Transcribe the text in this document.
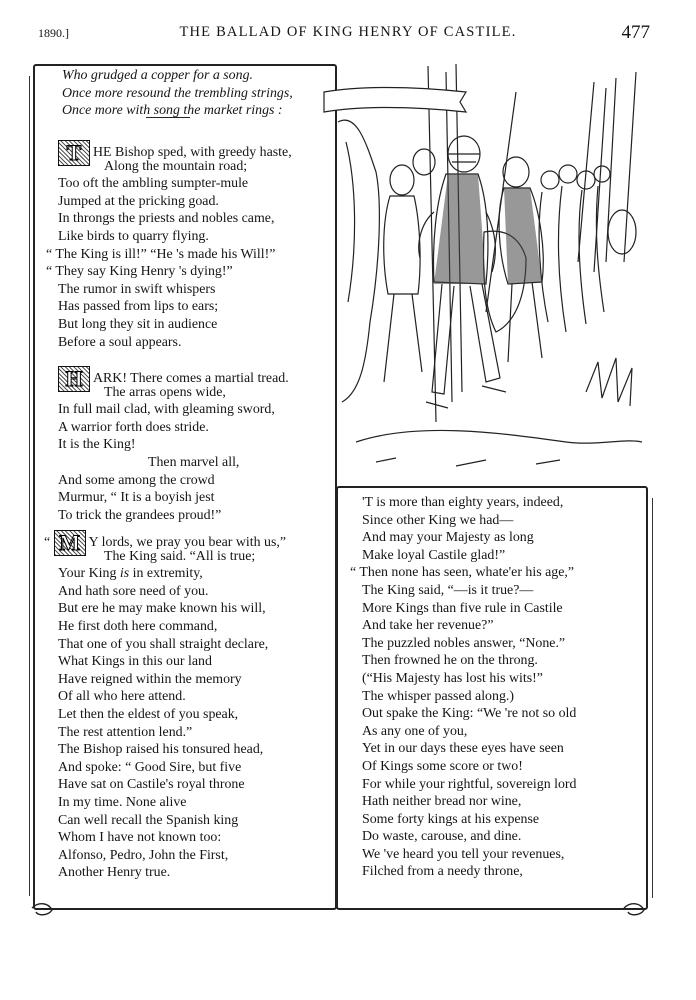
1890.]	THE BALLAD OF KING HENRY OF CASTILE.	477
Who grudged a copper for a song.
Once more resound the trembling strings,
Once more with song the market rings :
THE Bishop sped, with greedy haste,
Along the mountain road;
Too oft the ambling sumpter-mule
Jumped at the pricking goad.
In throngs the priests and nobles came,
Like birds to quarry flying.
“ The King is ill!” “He 's made his Will!”
“ They say King Henry 's dying!”
The rumor in swift whispers
Has passed from lips to ears;
But long they sit in audience
Before a soul appears.
HARK! There comes a martial tread.
The arras opens wide,
In full mail clad, with gleaming sword,
A warrior forth does stride.
It is the King!
Then marvel all,
And some among the crowd
Murmur, “ It is a boyish jest
To trick the grandees proud!”
“ M Y lords, we pray you bear with us,”
The King said. “All is true;
Your King is in extremity,
And hath sore need of you.
But ere he may make known his will,
He first doth here command,
That one of you shall straight declare,
What Kings in this our land
Have reigned within the memory
Of all who here attend.
Let then the eldest of you speak,
The rest attention lend.”
The Bishop raised his tonsured head,
And spoke: “ Good Sire, but five
Have sat on Castile's royal throne
In my time. None alive
Can well recall the Spanish king
Whom I have not known too:
Alfonso, Pedro, John the First,
Another Henry true.
'T is more than eighty years, indeed,
Since other King we had—
And may your Majesty as long
Make loyal Castile glad!”
“ Then none has seen, whate'er his age,”
The King said, “—is it true?—
More Kings than five rule in Castile
And take her revenue?”
The puzzled nobles answer, “None.”
Then frowned he on the throng.
(“His Majesty has lost his wits!”
The whisper passed along.)
Out spake the King: “We 're not so old
As any one of you,
Yet in our days these eyes have seen
Of Kings some score or two!
For while your rightful, sovereign lord
Hath neither bread nor wine,
Some forty kings at his expense
Do waste, carouse, and dine.
We 've heard you tell your revenues,
Filched from a needy throne,
